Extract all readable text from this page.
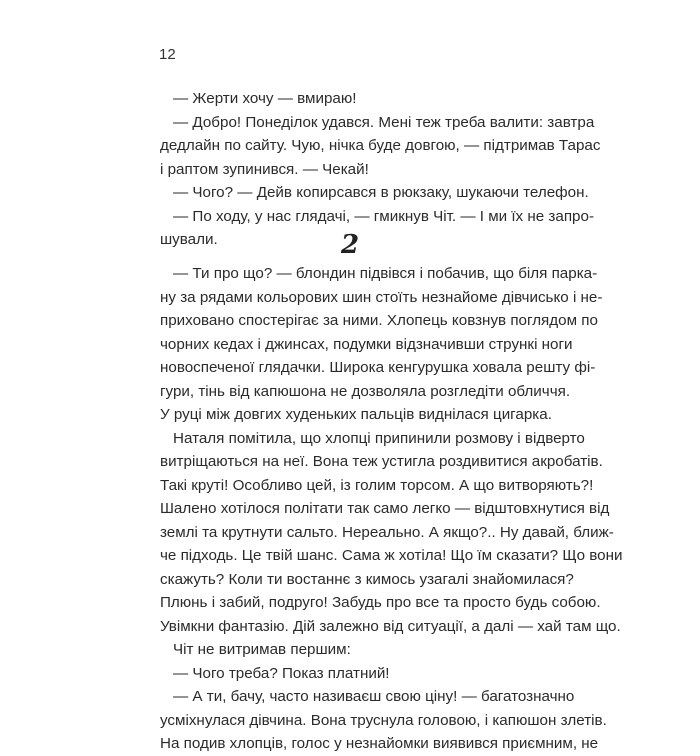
12
— Жерти хочу — вмираю!
— Добро! Понеділок удався. Мені теж треба валити: завтра
дедлайн по сайту. Чую, нічка буде довгою, — підтримав Тарас
і раптом зупинився. — Чекай!
— Чого? — Дейв копирсався в рюкзаку, шукаючи телефон.
— По ходу, у нас глядачі, — гмикнув Чіт. — І ми їх не запро-
шували.	2
— Ти про що? — блондин підвівся і побачив, що біля парка-
ну за рядами кольорових шин стоїть незнайоме дівчисько і не-
приховано спостерігає за ними. Хлопець ковзнув поглядом по
чорних кедах і джинсах, подумки відзначивши стрункі ноги
новоспеченої глядачки. Широка кенгурушка ховала решту фі-
гури, тінь від капюшона не дозволяла розгледіти обличчя.
У руці між довгих худеньких пальців виднілася цигарка.
Наталя помітила, що хлопці припинили розмову і відверто
витріщаються на неї. Вона теж устигла роздивитися акробатів.
Такі круті! Особливо цей, із голим торсом. А що витворяють?!
Шалено хотілося політати так само легко — відштовхнутися від
землі та крутнути сальто. Нереально. А якщо?.. Ну давай, ближ-
че підходь. Це твій шанс. Сама ж хотіла! Що їм сказати? Що вони
скажуть? Коли ти востаннє з кимось узагалі знайомилася?
Плюнь і забий, подруго! Забудь про все та просто будь собою.
Увімкни фантазію. Дій залежно від ситуації, а далі — хай там що.
Чіт не витримав першим:
— Чого треба? Показ платний!
— А ти, бачу, часто називаєш свою ціну! — багатозначно
усміхнулася дівчина. Вона труснула головою, і капюшон злетів.
На подив хлопців, голос у незнайомки виявився приємним, не
